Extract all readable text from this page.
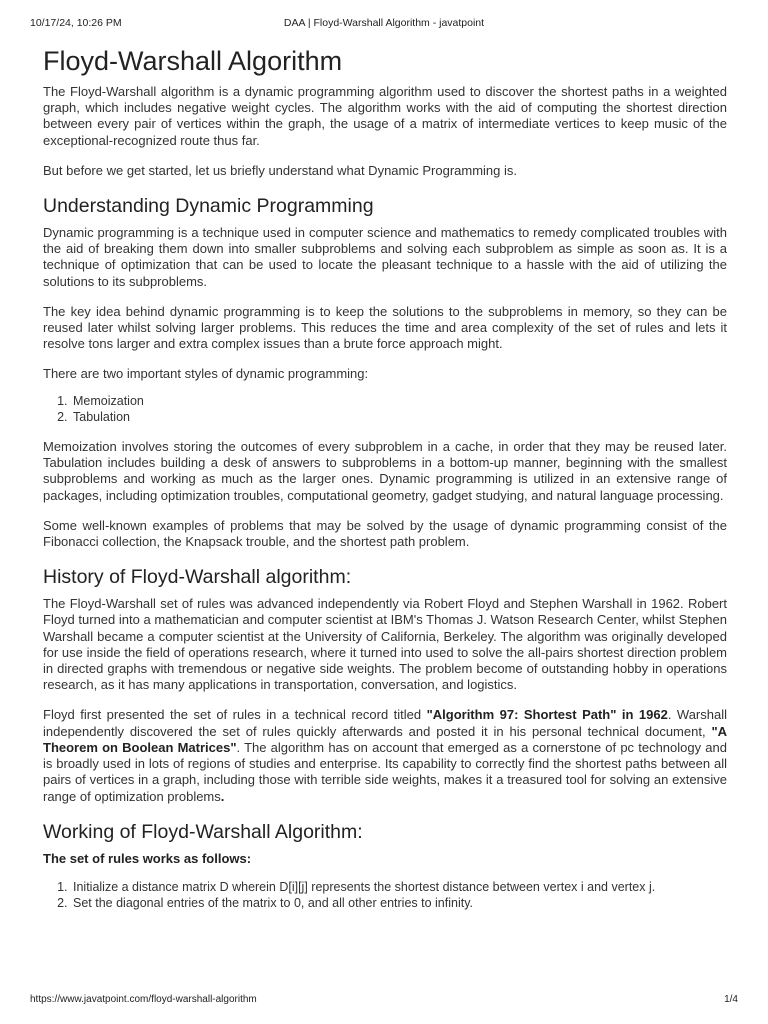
10/17/24, 10:26 PM	DAA | Floyd-Warshall Algorithm - javatpoint
Floyd-Warshall Algorithm

The Floyd-Warshall algorithm is a dynamic programming algorithm used to discover the shortest paths in a weighted graph, which includes negative weight cycles. The algorithm works with the aid of computing the shortest direction between every pair of vertices within the graph, the usage of a matrix of intermediate vertices to keep music of the exceptional-recognized route thus far.

But before we get started, let us briefly understand what Dynamic Programming is.

Understanding Dynamic Programming

Dynamic programming is a technique used in computer science and mathematics to remedy complicated troubles with the aid of breaking them down into smaller subproblems and solving each subproblem as simple as soon as. It is a technique of optimization that can be used to locate the pleasant technique to a hassle with the aid of utilizing the solutions to its subproblems.

The key idea behind dynamic programming is to keep the solutions to the subproblems in memory, so they can be reused later whilst solving larger problems. This reduces the time and area complexity of the set of rules and lets it resolve tons larger and extra complex issues than a brute force approach might.

There are two important styles of dynamic programming:

1. Memoization
2. Tabulation

Memoization involves storing the outcomes of every subproblem in a cache, in order that they may be reused later. Tabulation includes building a desk of answers to subproblems in a bottom-up manner, beginning with the smallest subproblems and working as much as the larger ones. Dynamic programming is utilized in an extensive range of packages, including optimization troubles, computational geometry, gadget studying, and natural language processing.

Some well-known examples of problems that may be solved by the usage of dynamic programming consist of the Fibonacci collection, the Knapsack trouble, and the shortest path problem.

History of Floyd-Warshall algorithm:

The Floyd-Warshall set of rules was advanced independently via Robert Floyd and Stephen Warshall in 1962. Robert Floyd turned into a mathematician and computer scientist at IBM's Thomas J. Watson Research Center, whilst Stephen Warshall became a computer scientist at the University of California, Berkeley. The algorithm was originally developed for use inside the field of operations research, where it turned into used to solve the all-pairs shortest direction problem in directed graphs with tremendous or negative side weights. The problem become of outstanding hobby in operations research, as it has many applications in transportation, conversation, and logistics.

Floyd first presented the set of rules in a technical record titled "Algorithm 97: Shortest Path" in 1962. Warshall independently discovered the set of rules quickly afterwards and posted it in his personal technical document, "A Theorem on Boolean Matrices". The algorithm has on account that emerged as a cornerstone of pc technology and is broadly used in lots of regions of studies and enterprise. Its capability to correctly find the shortest paths between all pairs of vertices in a graph, including those with terrible side weights, makes it a treasured tool for solving an extensive range of optimization problems.

Working of Floyd-Warshall Algorithm:

The set of rules works as follows:

1. Initialize a distance matrix D wherein D[i][j] represents the shortest distance between vertex i and vertex j.
2. Set the diagonal entries of the matrix to 0, and all other entries to infinity.
https://www.javatpoint.com/floyd-warshall-algorithm	1/4
